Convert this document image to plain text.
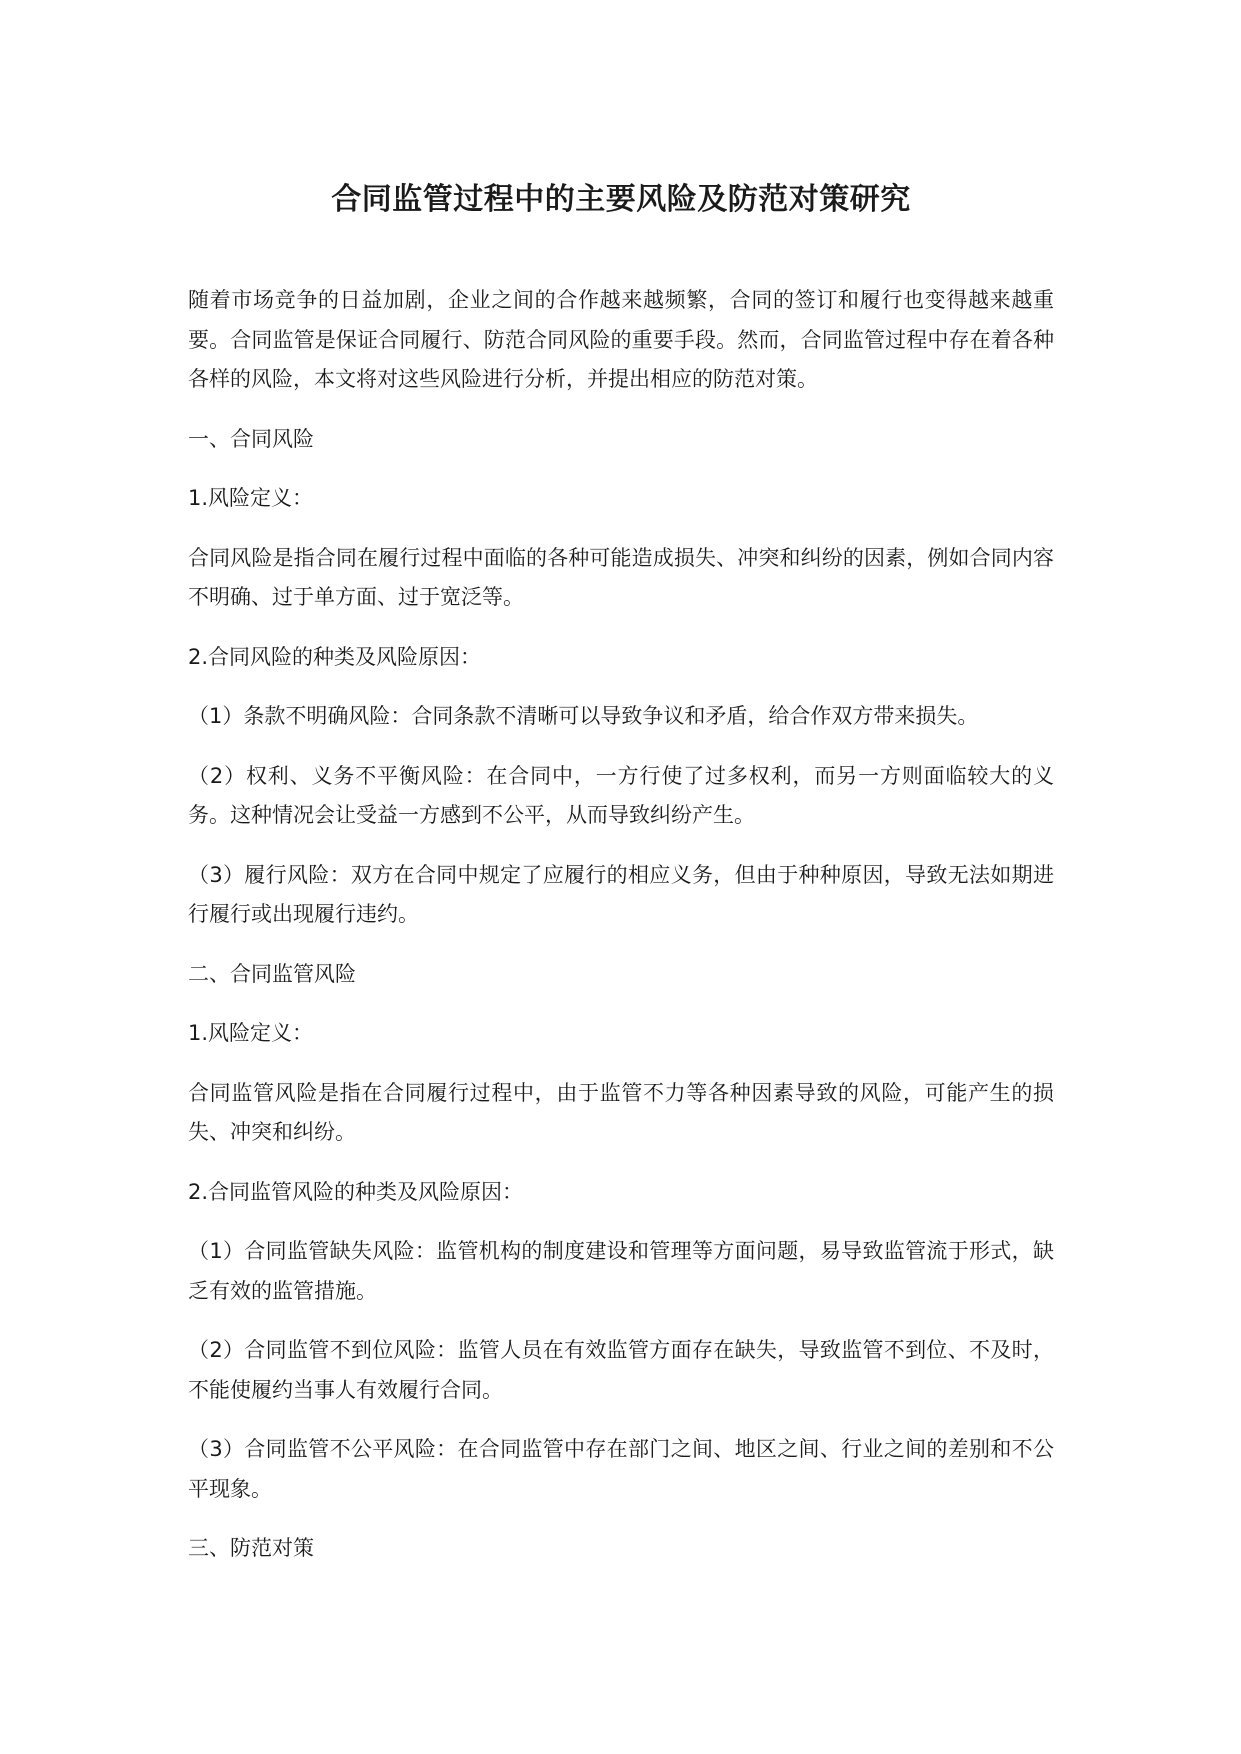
合同监管过程中的主要风险及防范对策研究

随着市场竞争的日益加剧，企业之间的合作越来越频繁，合同的签订和履行也变得越来越重要。合同监管是保证合同履行、防范合同风险的重要手段。然而，合同监管过程中存在着各种各样的风险，本文将对这些风险进行分析，并提出相应的防范对策。

一、合同风险

1.风险定义：

合同风险是指合同在履行过程中面临的各种可能造成损失、冲突和纠纷的因素，例如合同内容不明确、过于单方面、过于宽泛等。

2.合同风险的种类及风险原因：

（1）条款不明确风险：合同条款不清晰可以导致争议和矛盾，给合作双方带来损失。

（2）权利、义务不平衡风险：在合同中，一方行使了过多权利，而另一方则面临较大的义务。这种情况会让受益一方感到不公平，从而导致纠纷产生。

（3）履行风险：双方在合同中规定了应履行的相应义务，但由于种种原因，导致无法如期进行履行或出现履行违约。

二、合同监管风险

1.风险定义：

合同监管风险是指在合同履行过程中，由于监管不力等各种因素导致的风险，可能产生的损失、冲突和纠纷。

2.合同监管风险的种类及风险原因：

（1）合同监管缺失风险：监管机构的制度建设和管理等方面问题，易导致监管流于形式，缺乏有效的监管措施。

（2）合同监管不到位风险：监管人员在有效监管方面存在缺失，导致监管不到位、不及时，不能使履约当事人有效履行合同。

（3）合同监管不公平风险：在合同监管中存在部门之间、地区之间、行业之间的差别和不公平现象。

三、防范对策
